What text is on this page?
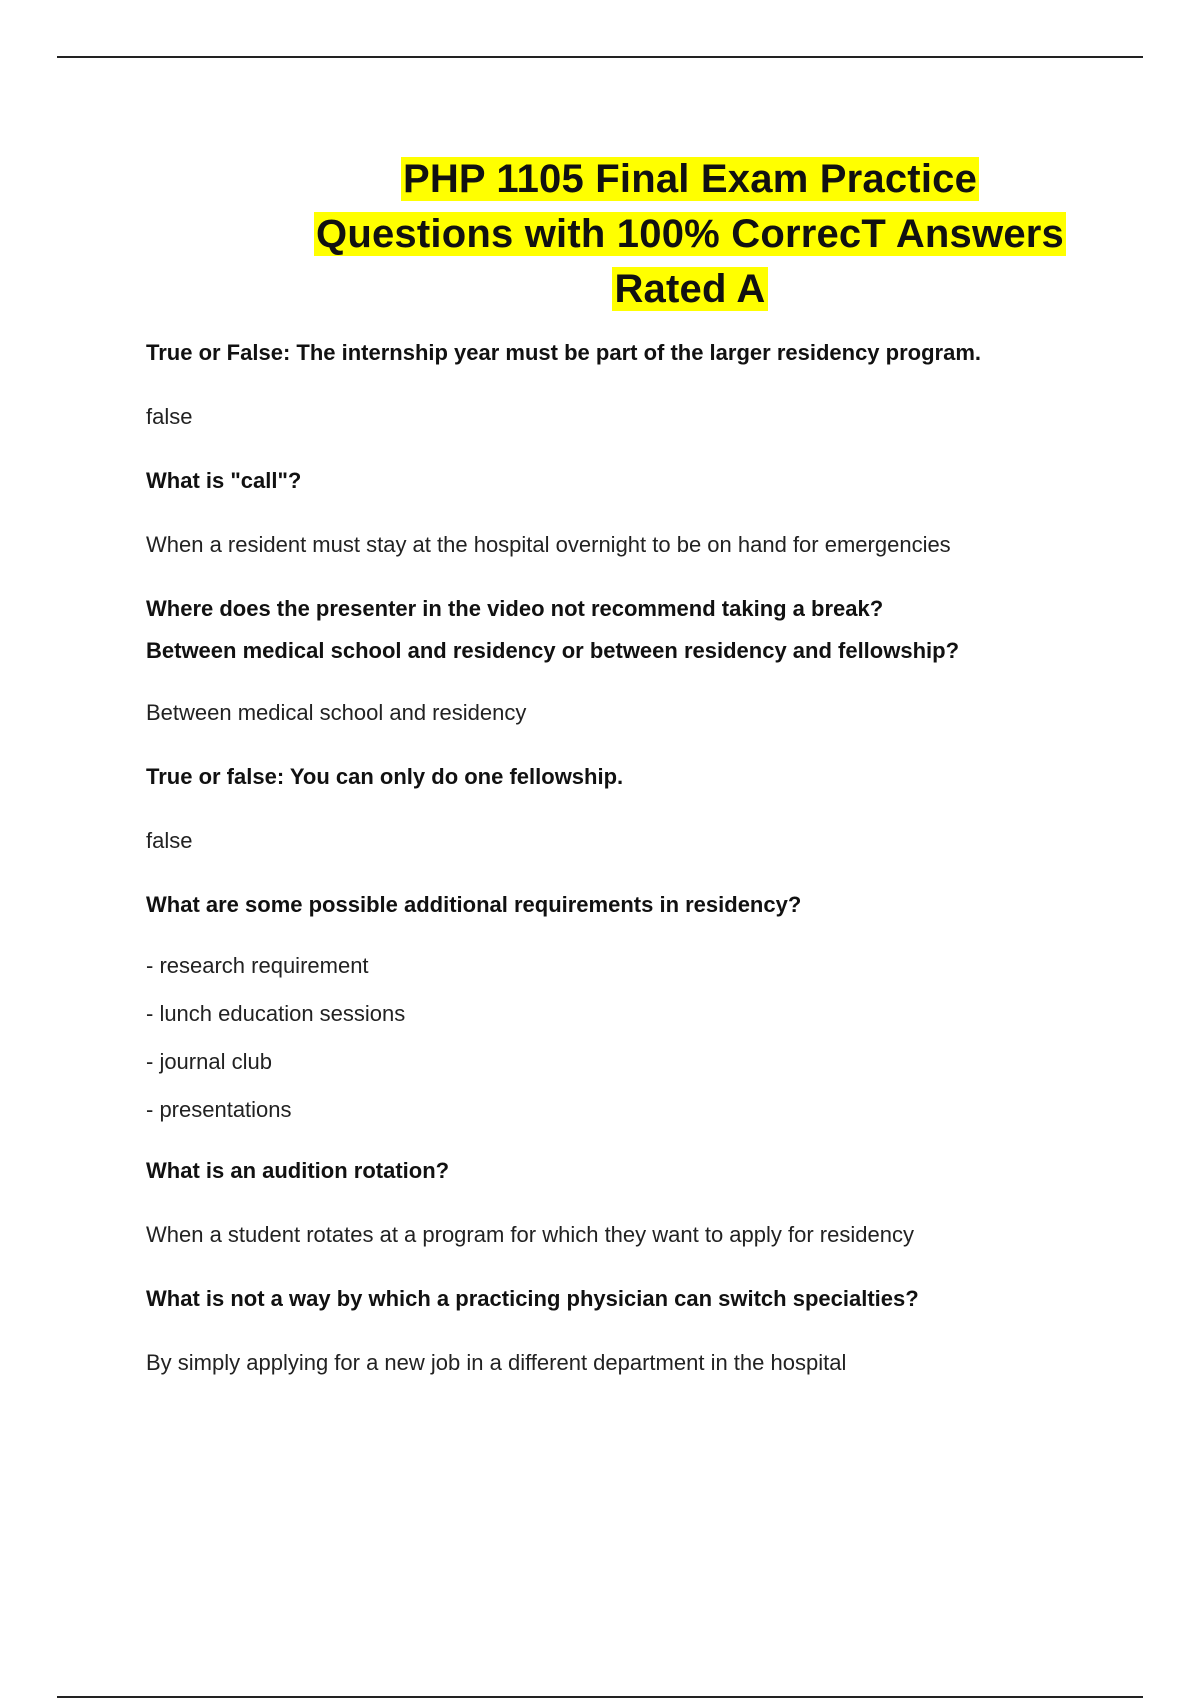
PHP 1105 Final Exam Practice
Questions with 100% CorrecT Answers
Rated A

True or False: The internship year must be part of the larger residency program.

false

What is "call"?

When a resident must stay at the hospital overnight to be on hand for emergencies

Where does the presenter in the video not recommend taking a break?

Between medical school and residency or between residency and fellowship?

Between medical school and residency

True or false: You can only do one fellowship.

false

What are some possible additional requirements in residency?

- research requirement

- lunch education sessions

- journal club

- presentations

What is an audition rotation?

When a student rotates at a program for which they want to apply for residency

What is not a way by which a practicing physician can switch specialties?

By simply applying for a new job in a different department in the hospital
